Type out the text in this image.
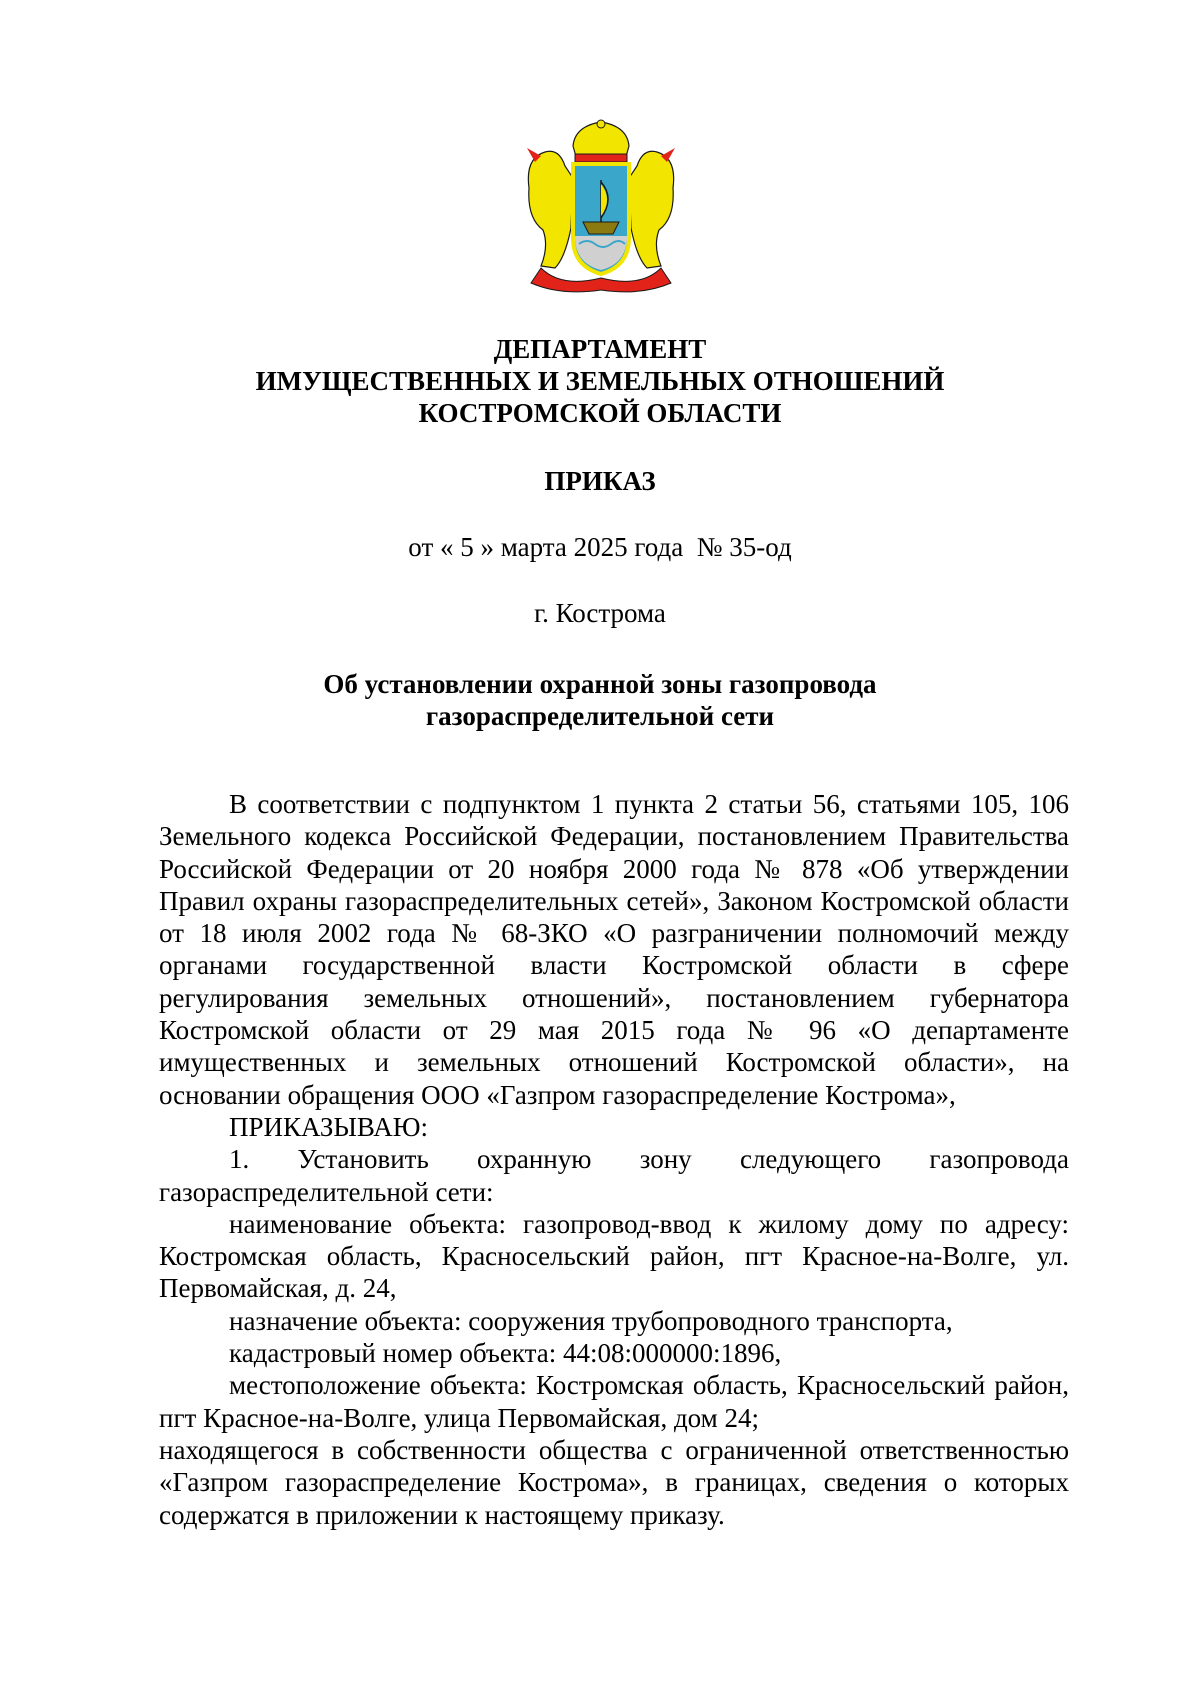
ДЕПАРТАМЕНТ
ИМУЩЕСТВЕННЫХ И ЗЕМЕЛЬНЫХ ОТНОШЕНИЙ
КОСТРОМСКОЙ ОБЛАСТИ
ПРИКАЗ
от « 5 » марта 2025 года  № 35-од
г. Кострома
Об установлении охранной зоны газопровода
газораспределительной сети

В соответствии с подпунктом 1 пункта 2 статьи 56, статьями 105, 106 Земельного кодекса Российской Федерации, постановлением Правительства Российской Федерации от 20 ноября 2000 года № 878 «Об утверждении Правил охраны газораспределительных сетей», Законом Костромской области от 18 июля 2002 года № 68-ЗКО «О разграничении полномочий между органами государственной власти Костромской области в сфере регулирования земельных отношений», постановлением губернатора Костромской области от 29 мая 2015 года № 96 «О департаменте имущественных и земельных отношений Костромской области», на основании обращения ООО «Газпром газораспределение Кострома»,

ПРИКАЗЫВАЮ:

1. Установить охранную зону следующего газопровода

газораспределительной сети:

наименование объекта: газопровод-ввод к жилому дому по адресу: Костромская область, Красносельский район, пгт Красное-на-Волге, ул. Первомайская, д. 24,

назначение объекта: сооружения трубопроводного транспорта,

кадастровый номер объекта: 44:08:000000:1896,

местоположение объекта: Костромская область, Красносельский район, пгт Красное-на-Волге, улица Первомайская, дом 24;

находящегося в собственности общества с ограниченной ответственностью «Газпром газораспределение Кострома», в границах, сведения о которых содержатся в приложении к настоящему приказу.
